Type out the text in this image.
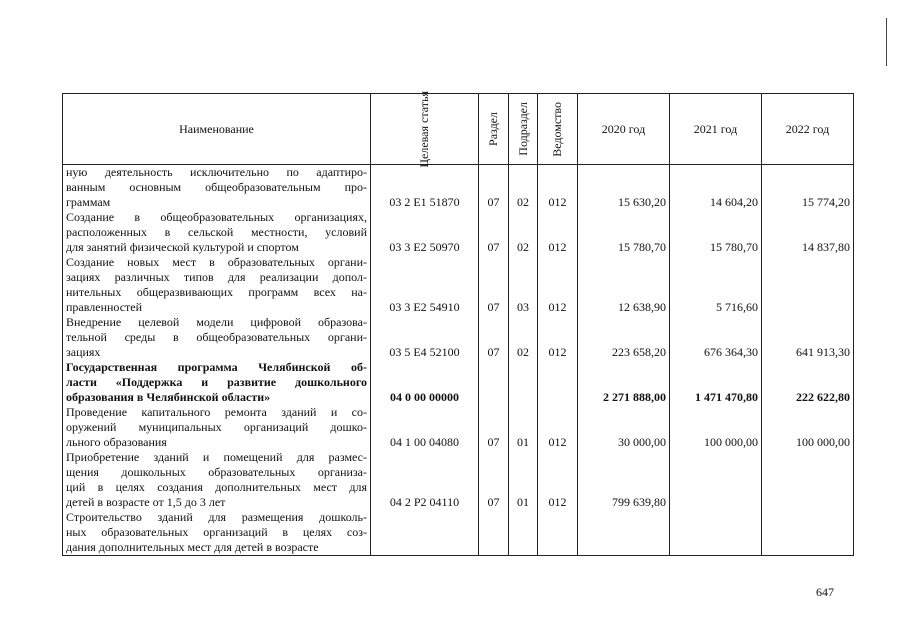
Наименование	Целевая статья	Раздел	Подраздел	Ведомство	2020 год	2021 год	2022 год

ную деятельность исключительно по адаптиро-
ванным основным общеобразовательным про-
граммам	03 2 E1 51870	07	02	012	15 630,20	14 604,20	15 774,20

Создание в общеобразовательных организациях,
расположенных в сельской местности, условий
для занятий физической культурой и спортом	03 3 E2 50970	07	02	012	15 780,70	15 780,70	14 837,80

Создание новых мест в образовательных органи-
зациях различных типов для реализации допол-
нительных общеразвивающих программ всех на-
правленностей	03 3 E2 54910	07	03	012	12 638,90	5 716,60	

Внедрение целевой модели цифровой образова-
тельной среды в общеобразовательных органи-
зациях	03 5 E4 52100	07	02	012	223 658,20	676 364,30	641 913,30

Государственная программа Челябинской об-
ласти «Поддержка и развитие дошкольного
образования в Челябинской области»	04 0 00 00000				2 271 888,00	1 471 470,80	222 622,80

Проведение капитального ремонта зданий и со-
оружений муниципальных организаций дошко-
льного образования	04 1 00 04080	07	01	012	30 000,00	100 000,00	100 000,00

Приобретение зданий и помещений для размес-
щения дошкольных образовательных организа-
ций в целях создания дополнительных мест для
детей в возрасте от 1,5 до 3 лет	04 2 P2 04110	07	01	012	799 639,80		

Строительство зданий для размещения дошколь-
ных образовательных организаций в целях соз-
дания дополнительных мест для детей в возрасте							

647
